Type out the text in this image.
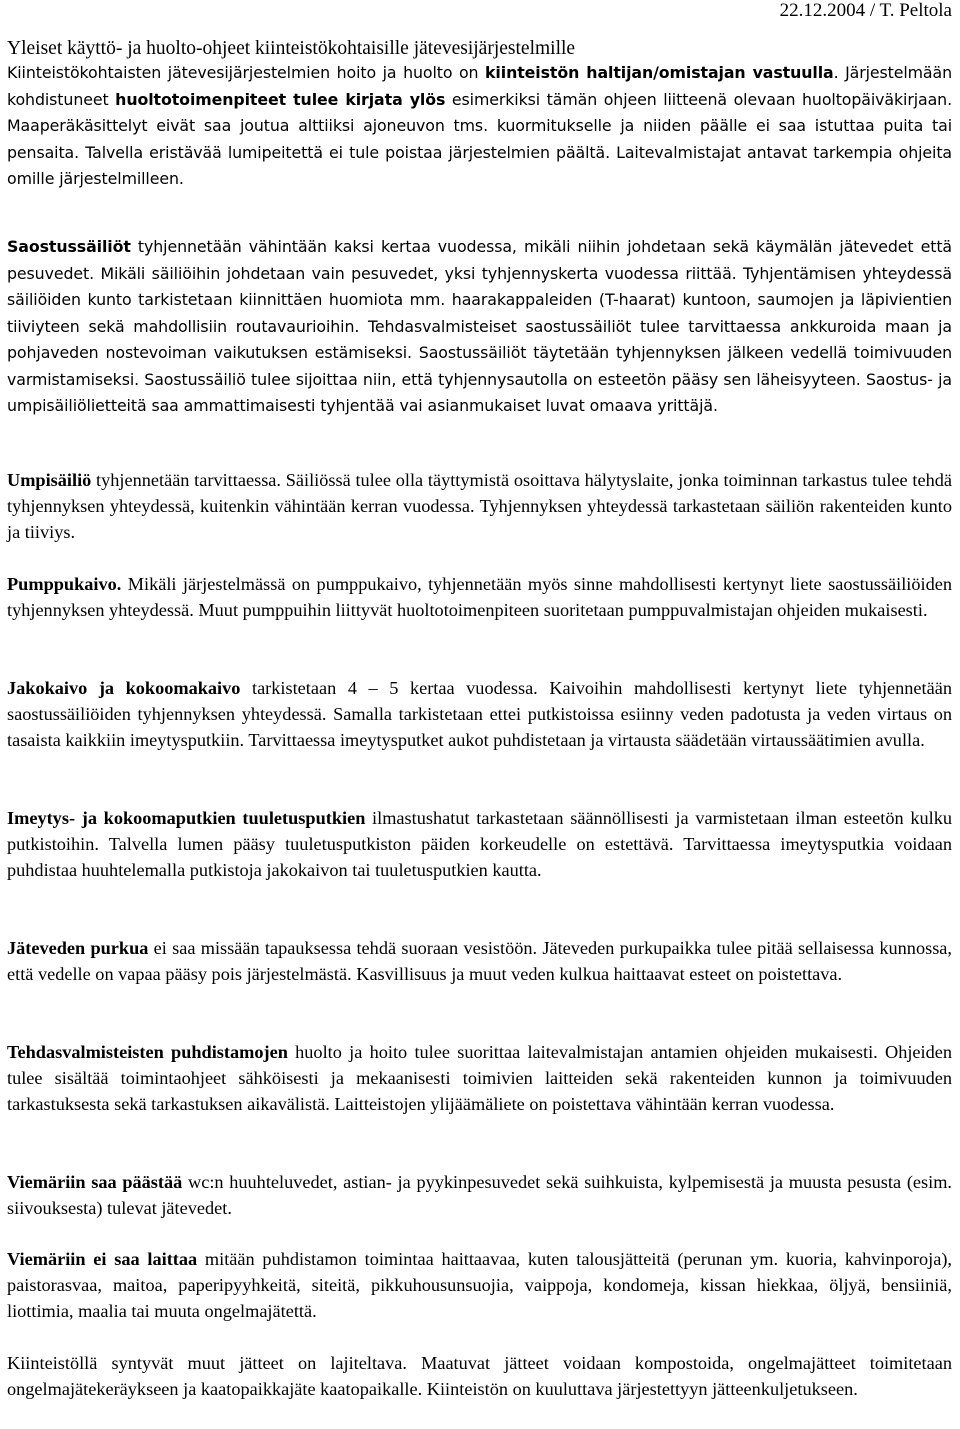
22.12.2004 / T. Peltola
Yleiset käyttö- ja huolto-ohjeet kiinteistökohtaisille jätevesijärjestelmille

Kiinteistökohtaisten jätevesijärjestelmien hoito ja huolto on kiinteistön haltijan/omistajan vastuulla. Järjestelmään kohdistuneet huoltotoimenpiteet tulee kirjata ylös esimerkiksi tämän ohjeen liitteenä olevaan huoltopäiväkirjaan. Maaperäkäsittelyt eivät saa joutua alttiiksi ajoneuvon tms. kuormitukselle ja niiden päälle ei saa istuttaa puita tai pensaita. Talvella eristävää lumipeitettä ei tule poistaa järjestelmien päältä. Laitevalmistajat antavat tarkempia ohjeita omille järjestelmilleen.

Saostussäiliöt tyhjennetään vähintään kaksi kertaa vuodessa, mikäli niihin johdetaan sekä käymälän jätevedet että pesuvedet. Mikäli säiliöihin johdetaan vain pesuvedet, yksi tyhjennyskerta vuodessa riittää. Tyhjentämisen yhteydessä säiliöiden kunto tarkistetaan kiinnittäen huomiota mm. haarakappaleiden (T-haarat) kuntoon, saumojen ja läpivientien tiiviyteen sekä mahdollisiin routavaurioihin. Tehdasvalmisteiset saostussäiliöt tulee tarvittaessa ankkuroida maan ja pohjaveden nostevoiman vaikutuksen estämiseksi. Saostussäiliöt täytetään tyhjennyksen jälkeen vedellä toimivuuden varmistamiseksi. Saostussäiliö tulee sijoittaa niin, että tyhjennysautolla on esteetön pääsy sen läheisyyteen. Saostus- ja umpisäiliölietteitä saa ammattimaisesti tyhjentää vai asianmukaiset luvat omaava yrittäjä.

Umpisäiliö tyhjennetään tarvittaessa. Säiliössä tulee olla täyttymistä osoittava hälytyslaite, jonka toiminnan tarkastus tulee tehdä tyhjennyksen yhteydessä, kuitenkin vähintään kerran vuodessa. Tyhjennyksen yhteydessä tarkastetaan säiliön rakenteiden kunto ja tiiviys.

Pumppukaivo. Mikäli järjestelmässä on pumppukaivo, tyhjennetään myös sinne mahdollisesti kertynyt liete saostussäiliöiden tyhjennyksen yhteydessä. Muut pumppuihin liittyvät huoltotoimenpiteen suoritetaan pumppuvalmistajan ohjeiden mukaisesti.

Jakokaivo ja kokoomakaivo tarkistetaan 4 – 5 kertaa vuodessa. Kaivoihin mahdollisesti kertynyt liete tyhjennetään saostussäiliöiden tyhjennyksen yhteydessä. Samalla tarkistetaan ettei putkistoissa esiinny veden padotusta ja veden virtaus on tasaista kaikkiin imeytysputkiin. Tarvittaessa imeytysputket aukot puhdistetaan ja virtausta säädetään virtaussäätimien avulla.

Imeytys- ja kokoomaputkien tuuletusputkien ilmastushatut tarkastetaan säännöllisesti ja varmistetaan ilman esteetön kulku putkistoihin. Talvella lumen pääsy tuuletusputkiston päiden korkeudelle on estettävä. Tarvittaessa imeytysputkia voidaan puhdistaa huuhtelemalla putkistoja jakokaivon tai tuuletusputkien kautta.

Jäteveden purkua ei saa missään tapauksessa tehdä suoraan vesistöön. Jäteveden purkupaikka tulee pitää sellaisessa kunnossa, että vedelle on vapaa pääsy pois järjestelmästä. Kasvillisuus ja muut veden kulkua haittaavat esteet on poistettava.

Tehdasvalmisteisten puhdistamojen huolto ja hoito tulee suorittaa laitevalmistajan antamien ohjeiden mukaisesti. Ohjeiden tulee sisältää toimintaohjeet sähköisesti ja mekaanisesti toimivien laitteiden sekä rakenteiden kunnon ja toimivuuden tarkastuksesta sekä tarkastuksen aikavälistä. Laitteistojen ylijäämäliete on poistettava vähintään kerran vuodessa.

Viemäriin saa päästää wc:n huuhteluvedet, astian- ja pyykinpesuvedet sekä suihkuista, kylpemisestä ja muusta pesusta (esim. siivouksesta) tulevat jätevedet.

Viemäriin ei saa laittaa mitään puhdistamon toimintaa haittaavaa, kuten talousjätteitä (perunan ym. kuoria, kahvinporoja), paistorasvaa, maitoa, paperipyyhkeitä, siteitä, pikkuhousunsuojia, vaippoja, kondomeja, kissan hiekkaa, öljyä, bensiiniä, liottimia, maalia tai muuta ongelmajätettä.

Kiinteistöllä syntyvät muut jätteet on lajiteltava. Maatuvat jätteet voidaan kompostoida, ongelmajätteet toimitetaan ongelmajätekeräykseen ja kaatopaikkajäte kaatopaikalle. Kiinteistön on kuuluttava järjestettyyn jätteenkuljetukseen.
